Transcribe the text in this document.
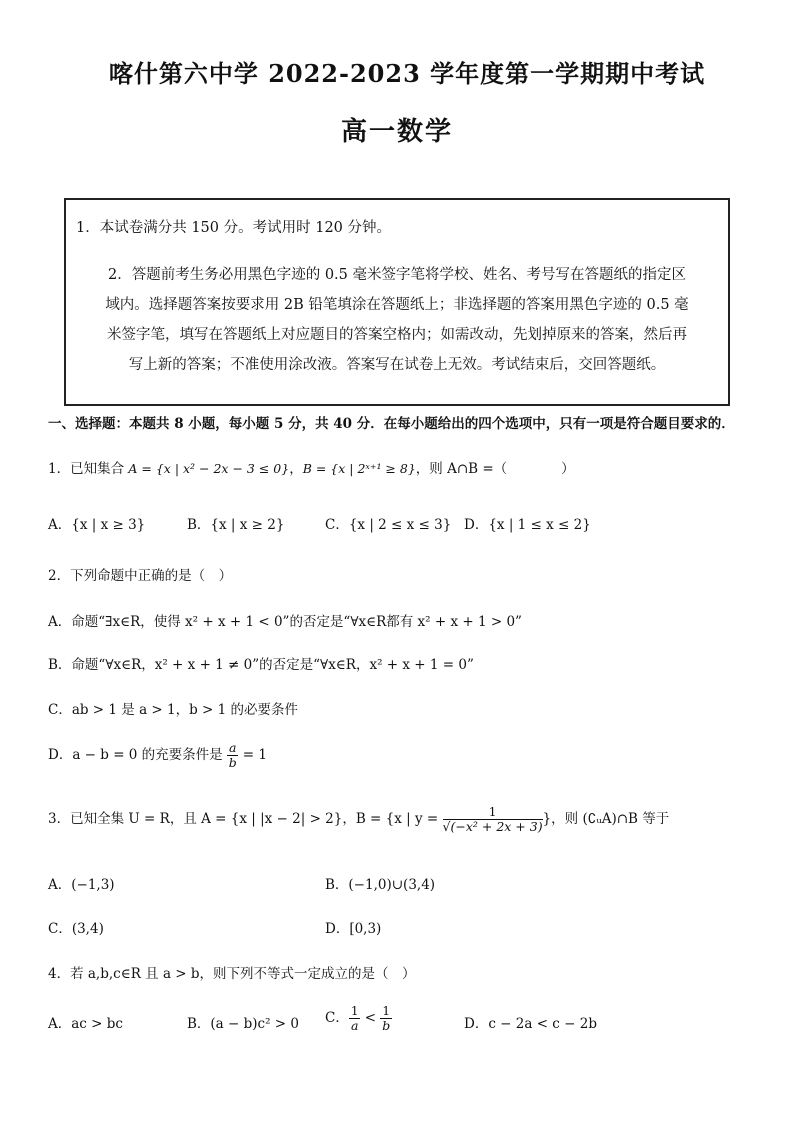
喀什第六中学 2022-2023 学年度第一学期期中考试
高一数学
1．本试卷满分共 150 分。考试用时 120 分钟。
2．答题前考生务必用黑色字迹的 0.5 毫米签字笔将学校、姓名、考号写在答题纸的指定区
域内。选择题答案按要求用 2B 铅笔填涂在答题纸上；非选择题的答案用黑色字迹的 0.5 毫
米签字笔，填写在答题纸上对应题目的答案空格内；如需改动，先划掉原来的答案，然后再
写上新的答案；不准使用涂改液。答案写在试卷上无效。考试结束后，交回答题纸。
一、选择题：本题共 8 小题，每小题 5 分，共 40 分．在每小题给出的四个选项中，只有一项是符合题目要求的．
1．已知集合 A = {x | x² − 2x − 3 ≤ 0}，B = {x | 2ˣ⁺¹ ≥ 8}，则 A∩B =（　　　　）
A．{x | x ≥ 3}	B．{x | x ≥ 2}	C．{x | 2 ≤ x ≤ 3} D．{x | 1 ≤ x ≤ 2}
2．下列命题中正确的是（　）
A．命题“∃x∈R，使得 x² + x + 1 < 0”的否定是“∀x∈R都有 x² + x + 1 > 0”
B．命题“∀x∈R，x² + x + 1 ≠ 0”的否定是“∀x∈R，x² + x + 1 = 0”
C．ab > 1 是 a > 1，b > 1 的必要条件
D．a − b = 0 的充要条件是 $\frac{a}{b} = 1$
3．已知全集 U = R，且 A = {x | |x − 2| > 2}，B = {x | $y = \frac{1}{\text{√(−x² + 2x + 3)}}$ }，则 (∁ᵤA)∩B 等于
A．(−1,3)	B．(−1,0)∪(3,4)
C．(3,4)	D．[0,3)
4．若 a,b,c∈R 且 a > b，则下列不等式一定成立的是（　）
A．ac > bc	B．(a − b)c² > 0 C． $\frac{1}{a} < \frac{1}{b}$	D．c − 2a < c − 2b
